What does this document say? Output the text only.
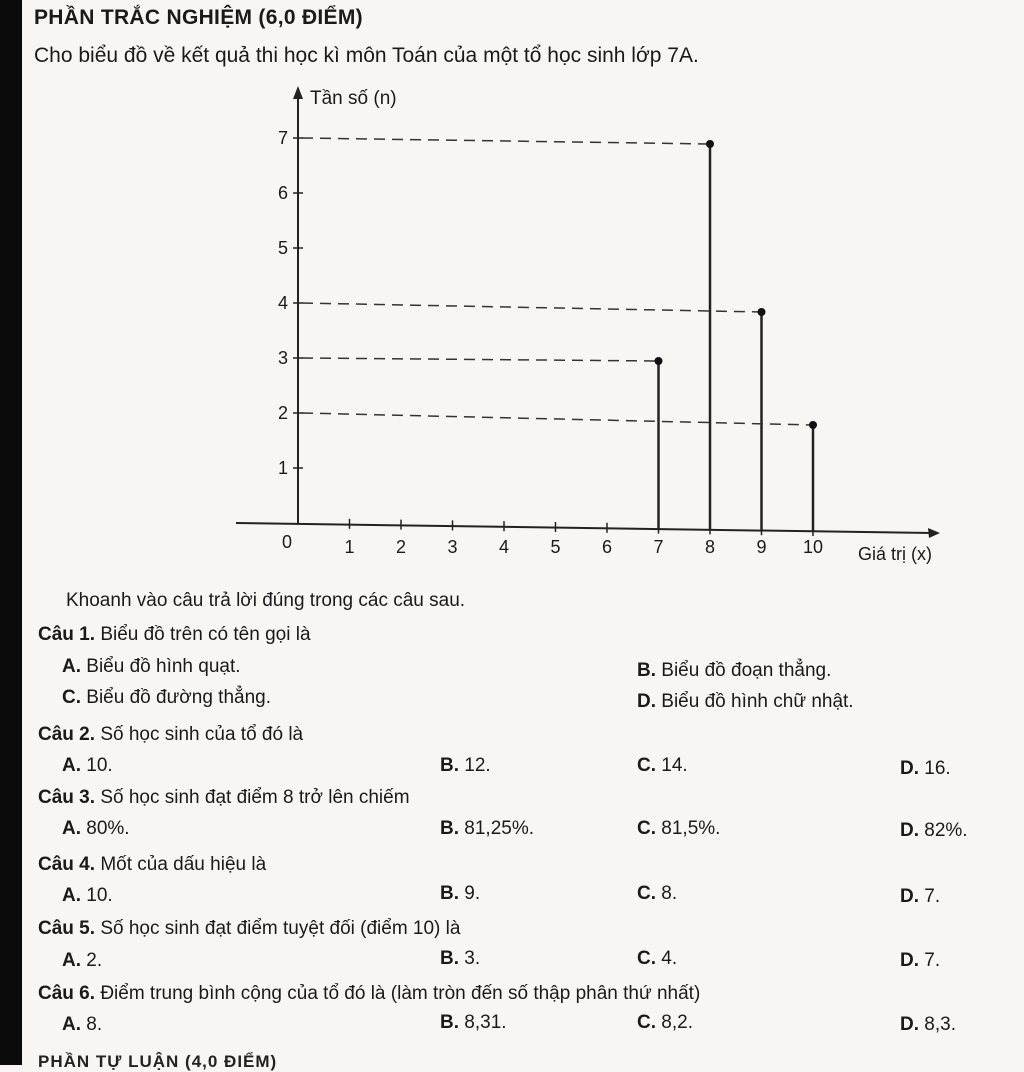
PHẦN TRẮC NGHIỆM (6,0 ĐIỂM)
Cho biểu đồ về kết quả thi học kì môn Toán của một tổ học sinh lớp 7A.
Tần số (n)
Giá trị (x)
0
1
2
3
4
5
6
7
1 2 3 4 5 6 7 8 9 10
Khoanh vào câu trả lời đúng trong các câu sau.
Câu 1. Biểu đồ trên có tên gọi là
A. Biểu đồ hình quạt.	B. Biểu đồ đoạn thẳng.
C. Biểu đồ đường thẳng.	D. Biểu đồ hình chữ nhật.
Câu 2. Số học sinh của tổ đó là
A. 10.	B. 12.	C. 14.	D. 16.
Câu 3. Số học sinh đạt điểm 8 trở lên chiếm
A. 80%.	B. 81,25%.	C. 81,5%.	D. 82%.
Câu 4. Mốt của dấu hiệu là
A. 10.	B. 9.	C. 8.	D. 7.
Câu 5. Số học sinh đạt điểm tuyệt đối (điểm 10) là
A. 2.	B. 3.	C. 4.	D. 7.
Câu 6. Điểm trung bình cộng của tổ đó là (làm tròn đến số thập phân thứ nhất)
A. 8.	B. 8,31.	C. 8,2.	D. 8,3.
PHẦN TỰ LUẬN (4,0 ĐIỂM)
